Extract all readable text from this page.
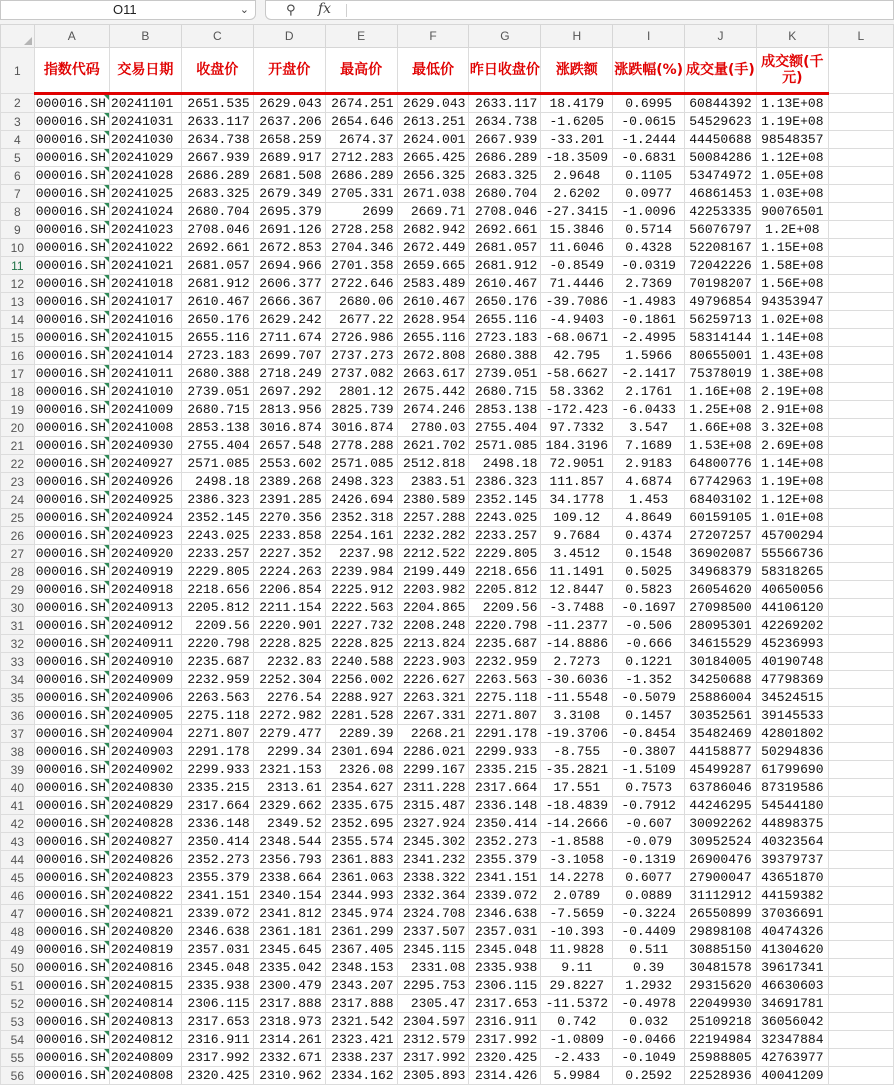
O11	⌄	⚲ fx
	A	B	C	D	E	F	G	H	I	J	K	L
1	指数代码	交易日期	收盘价	开盘价	最高价	最低价	昨日收盘价	涨跌额	涨跌幅(%)	成交量(手)	成交额(千元)	
2	000016.SH	20241101	2651.535	2629.043	2674.251	2629.043	2633.117	18.4179	0.6995	60844392	1.13E+08	
3	000016.SH	20241031	2633.117	2637.206	2654.646	2613.251	2634.738	-1.6205	-0.0615	54529623	1.19E+08	
4	000016.SH	20241030	2634.738	2658.259	2674.37	2624.001	2667.939	-33.201	-1.2444	44450688	98548357	
5	000016.SH	20241029	2667.939	2689.917	2712.283	2665.425	2686.289	-18.3509	-0.6831	50084286	1.12E+08	
6	000016.SH	20241028	2686.289	2681.508	2686.289	2656.325	2683.325	2.9648	0.1105	53474972	1.05E+08	
7	000016.SH	20241025	2683.325	2679.349	2705.331	2671.038	2680.704	2.6202	0.0977	46861453	1.03E+08	
8	000016.SH	20241024	2680.704	2695.379	2699	2669.71	2708.046	-27.3415	-1.0096	42253335	90076501	
9	000016.SH	20241023	2708.046	2691.126	2728.258	2682.942	2692.661	15.3846	0.5714	56076797	1.2E+08	
10	000016.SH	20241022	2692.661	2672.853	2704.346	2672.449	2681.057	11.6046	0.4328	52208167	1.15E+08	
11	000016.SH	20241021	2681.057	2694.966	2701.358	2659.665	2681.912	-0.8549	-0.0319	72042226	1.58E+08	
12	000016.SH	20241018	2681.912	2606.377	2722.646	2583.489	2610.467	71.4446	2.7369	70198207	1.56E+08	
13	000016.SH	20241017	2610.467	2666.367	2680.06	2610.467	2650.176	-39.7086	-1.4983	49796854	94353947	
14	000016.SH	20241016	2650.176	2629.242	2677.22	2628.954	2655.116	-4.9403	-0.1861	56259713	1.02E+08	
15	000016.SH	20241015	2655.116	2711.674	2726.986	2655.116	2723.183	-68.0671	-2.4995	58314144	1.14E+08	
16	000016.SH	20241014	2723.183	2699.707	2737.273	2672.808	2680.388	42.795	1.5966	80655001	1.43E+08	
17	000016.SH	20241011	2680.388	2718.249	2737.082	2663.617	2739.051	-58.6627	-2.1417	75378019	1.38E+08	
18	000016.SH	20241010	2739.051	2697.292	2801.12	2675.442	2680.715	58.3362	2.1761	1.16E+08	2.19E+08	
19	000016.SH	20241009	2680.715	2813.956	2825.739	2674.246	2853.138	-172.423	-6.0433	1.25E+08	2.91E+08	
20	000016.SH	20241008	2853.138	3016.874	3016.874	2780.03	2755.404	97.7332	3.547	1.66E+08	3.32E+08	
21	000016.SH	20240930	2755.404	2657.548	2778.288	2621.702	2571.085	184.3196	7.1689	1.53E+08	2.69E+08	
22	000016.SH	20240927	2571.085	2553.602	2571.085	2512.818	2498.18	72.9051	2.9183	64800776	1.14E+08	
23	000016.SH	20240926	2498.18	2389.268	2498.323	2383.51	2386.323	111.857	4.6874	67742963	1.19E+08	
24	000016.SH	20240925	2386.323	2391.285	2426.694	2380.589	2352.145	34.1778	1.453	68403102	1.12E+08	
25	000016.SH	20240924	2352.145	2270.356	2352.318	2257.288	2243.025	109.12	4.8649	60159105	1.01E+08	
26	000016.SH	20240923	2243.025	2233.858	2254.161	2232.282	2233.257	9.7684	0.4374	27207257	45700294	
27	000016.SH	20240920	2233.257	2227.352	2237.98	2212.522	2229.805	3.4512	0.1548	36902087	55566736	
28	000016.SH	20240919	2229.805	2224.263	2239.984	2199.449	2218.656	11.1491	0.5025	34968379	58318265	
29	000016.SH	20240918	2218.656	2206.854	2225.912	2203.982	2205.812	12.8447	0.5823	26054620	40650056	
30	000016.SH	20240913	2205.812	2211.154	2222.563	2204.865	2209.56	-3.7488	-0.1697	27098500	44106120	
31	000016.SH	20240912	2209.56	2220.901	2227.732	2208.248	2220.798	-11.2377	-0.506	28095301	42269202	
32	000016.SH	20240911	2220.798	2228.825	2228.825	2213.824	2235.687	-14.8886	-0.666	34615529	45236993	
33	000016.SH	20240910	2235.687	2232.83	2240.588	2223.903	2232.959	2.7273	0.1221	30184005	40190748	
34	000016.SH	20240909	2232.959	2252.304	2256.002	2226.627	2263.563	-30.6036	-1.352	34250688	47798369	
35	000016.SH	20240906	2263.563	2276.54	2288.927	2263.321	2275.118	-11.5548	-0.5079	25886004	34524515	
36	000016.SH	20240905	2275.118	2272.982	2281.528	2267.331	2271.807	3.3108	0.1457	30352561	39145533	
37	000016.SH	20240904	2271.807	2279.477	2289.39	2268.21	2291.178	-19.3706	-0.8454	35482469	42801802	
38	000016.SH	20240903	2291.178	2299.34	2301.694	2286.021	2299.933	-8.755	-0.3807	44158877	50294836	
39	000016.SH	20240902	2299.933	2321.153	2326.08	2299.167	2335.215	-35.2821	-1.5109	45499287	61799690	
40	000016.SH	20240830	2335.215	2313.61	2354.627	2311.228	2317.664	17.551	0.7573	63786046	87319586	
41	000016.SH	20240829	2317.664	2329.662	2335.675	2315.487	2336.148	-18.4839	-0.7912	44246295	54544180	
42	000016.SH	20240828	2336.148	2349.52	2352.695	2327.924	2350.414	-14.2666	-0.607	30092262	44898375	
43	000016.SH	20240827	2350.414	2348.544	2355.574	2345.302	2352.273	-1.8588	-0.079	30952524	40323564	
44	000016.SH	20240826	2352.273	2356.793	2361.883	2341.232	2355.379	-3.1058	-0.1319	26900476	39379737	
45	000016.SH	20240823	2355.379	2338.664	2361.063	2338.322	2341.151	14.2278	0.6077	27900047	43651870	
46	000016.SH	20240822	2341.151	2340.154	2344.993	2332.364	2339.072	2.0789	0.0889	31112912	44159382	
47	000016.SH	20240821	2339.072	2341.812	2345.974	2324.708	2346.638	-7.5659	-0.3224	26550899	37036691	
48	000016.SH	20240820	2346.638	2361.181	2361.299	2337.507	2357.031	-10.393	-0.4409	29898108	40474326	
49	000016.SH	20240819	2357.031	2345.645	2367.405	2345.115	2345.048	11.9828	0.511	30885150	41304620	
50	000016.SH	20240816	2345.048	2335.042	2348.153	2331.08	2335.938	9.11	0.39	30481578	39617341	
51	000016.SH	20240815	2335.938	2300.479	2343.207	2295.753	2306.115	29.8227	1.2932	29315620	46630603	
52	000016.SH	20240814	2306.115	2317.888	2317.888	2305.47	2317.653	-11.5372	-0.4978	22049930	34691781	
53	000016.SH	20240813	2317.653	2318.973	2321.542	2304.597	2316.911	0.742	0.032	25109218	36056042	
54	000016.SH	20240812	2316.911	2314.261	2323.421	2312.579	2317.992	-1.0809	-0.0466	22194984	32347884	
55	000016.SH	20240809	2317.992	2332.671	2338.237	2317.992	2320.425	-2.433	-0.1049	25988805	42763977	
56	000016.SH	20240808	2320.425	2310.962	2334.162	2305.893	2314.426	5.9984	0.2592	22528936	40041209	
